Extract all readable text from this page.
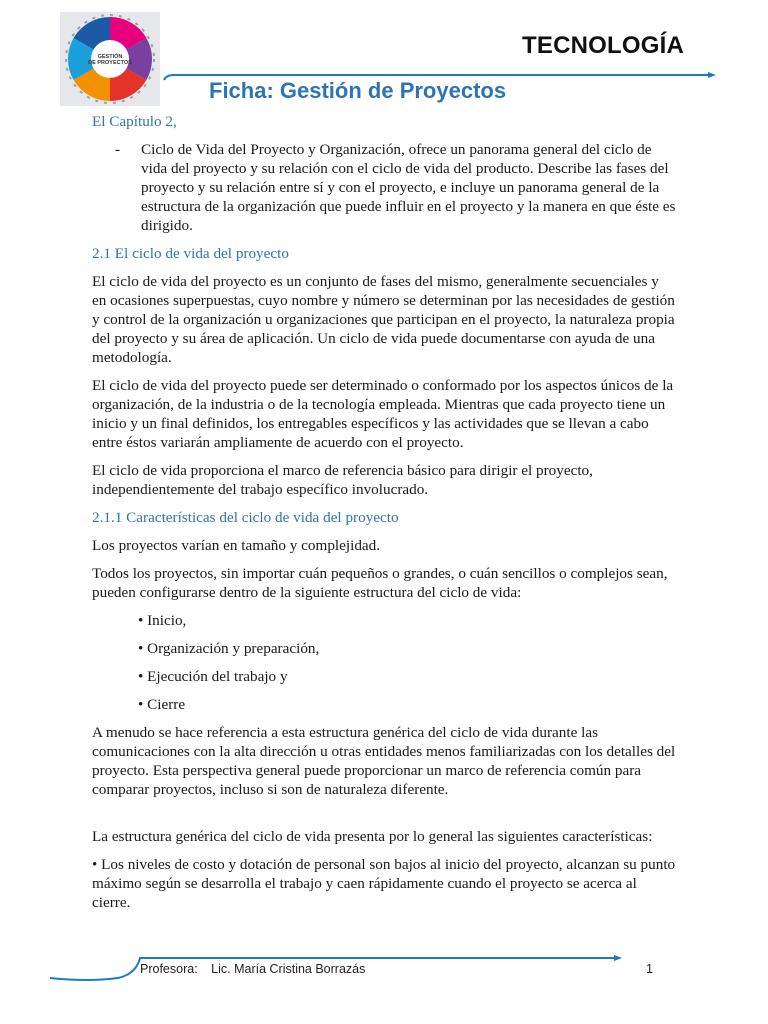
GESTIÓN DE PROYECTOS
TECNOLOGÍA
Ficha: Gestión de Proyectos

El Capítulo 2,

-	Ciclo de Vida del Proyecto y Organización, ofrece un panorama general del ciclo de vida del proyecto y su relación con el ciclo de vida del producto. Describe las fases del proyecto y su relación entre sí y con el proyecto, e incluye un panorama general de la estructura de la organización que puede influir en el proyecto y la manera en que éste es dirigido.

2.1 El ciclo de vida del proyecto

El ciclo de vida del proyecto es un conjunto de fases del mismo, generalmente secuenciales y en ocasiones superpuestas, cuyo nombre y número se determinan por las necesidades de gestión y control de la organización u organizaciones que participan en el proyecto, la naturaleza propia del proyecto y su área de aplicación. Un ciclo de vida puede documentarse con ayuda de una metodología.

El ciclo de vida del proyecto puede ser determinado o conformado por los aspectos únicos de la organización, de la industria o de la tecnología empleada. Mientras que cada proyecto tiene un inicio y un final definidos, los entregables específicos y las actividades que se llevan a cabo entre éstos variarán ampliamente de acuerdo con el proyecto.

El ciclo de vida proporciona el marco de referencia básico para dirigir el proyecto, independientemente del trabajo específico involucrado.

2.1.1 Características del ciclo de vida del proyecto

Los proyectos varían en tamaño y complejidad.

Todos los proyectos, sin importar cuán pequeños o grandes, o cuán sencillos o complejos sean, pueden configurarse dentro de la siguiente estructura del ciclo de vida:

• Inicio,

• Organización y preparación,

• Ejecución del trabajo y

• Cierre

A menudo se hace referencia a esta estructura genérica del ciclo de vida durante las comunicaciones con la alta dirección u otras entidades menos familiarizadas con los detalles del proyecto. Esta perspectiva general puede proporcionar un marco de referencia común para comparar proyectos, incluso si son de naturaleza diferente.

La estructura genérica del ciclo de vida presenta por lo general las siguientes características:

• Los niveles de costo y dotación de personal son bajos al inicio del proyecto, alcanzan su punto máximo según se desarrolla el trabajo y caen rápidamente cuando el proyecto se acerca al cierre.

Profesora: Lic. María Cristina Borrazás	1
